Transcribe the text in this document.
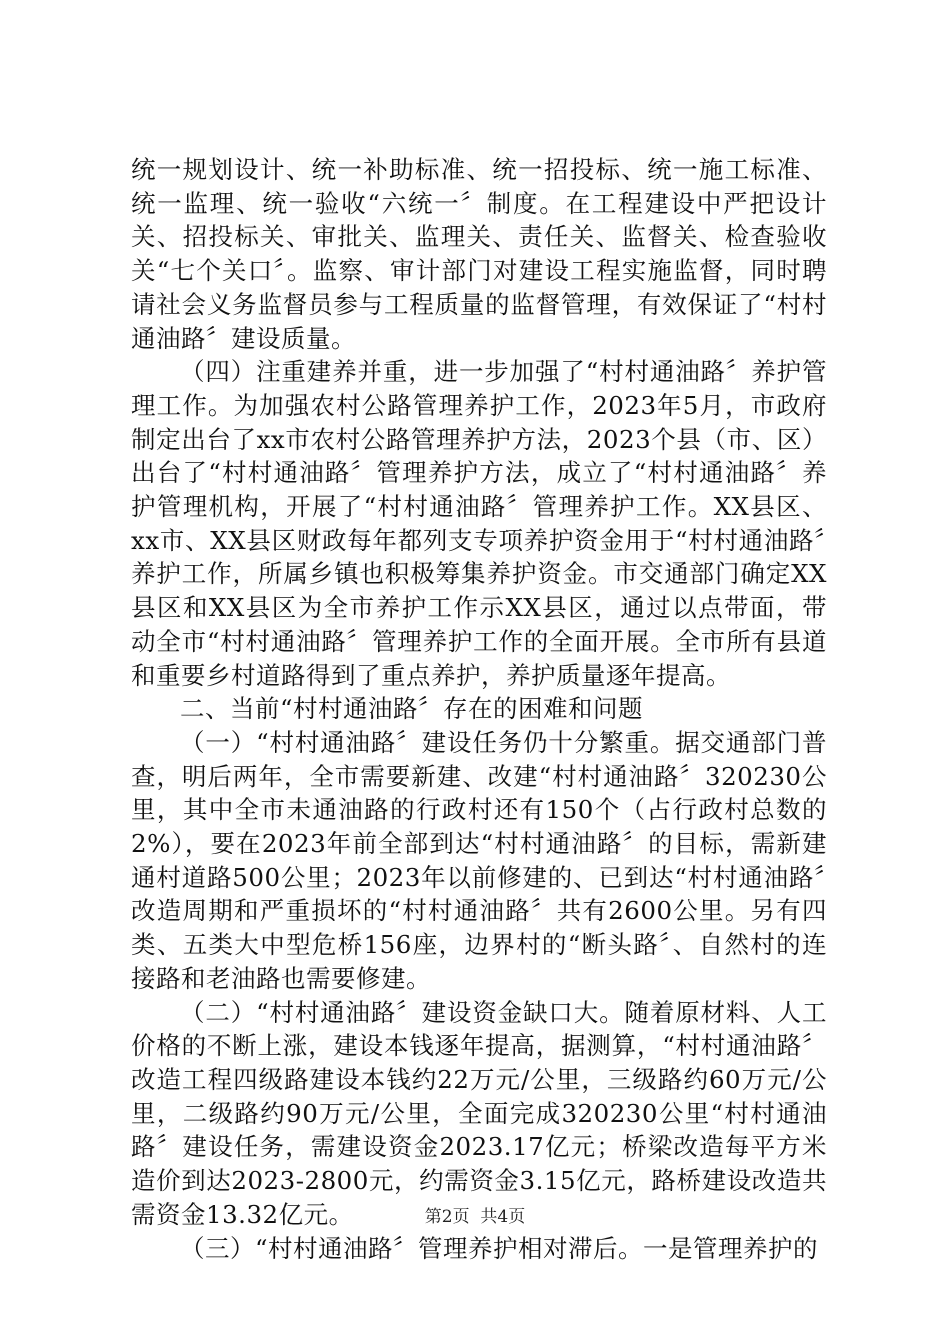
统一规划设计、统一补助标准、统一招投标、统一施工标准、统一监理、统一验收“六统一〞制度。在工程建设中严把设计关、招投标关、审批关、监理关、责任关、监督关、检查验收关“七个关口〞。监察、审计部门对建设工程实施监督，同时聘请社会义务监督员参与工程质量的监督管理，有效保证了“村村通油路〞建设质量。

（四）注重建养并重，进一步加强了“村村通油路〞养护管理工作。为加强农村公路管理养护工作，2023年5月，市政府制定出台了xx市农村公路管理养护方法，2023个县（市、区）出台了“村村通油路〞管理养护方法，成立了“村村通油路〞养护管理机构，开展了“村村通油路〞管理养护工作。XX县区、xx市、XX县区财政每年都列支专项养护资金用于“村村通油路〞养护工作，所属乡镇也积极筹集养护资金。市交通部门确定XX县区和XX县区为全市养护工作示XX县区，通过以点带面，带动全市“村村通油路〞管理养护工作的全面开展。全市所有县道和重要乡村道路得到了重点养护，养护质量逐年提高。

二、当前“村村通油路〞存在的困难和问题

（一）“村村通油路〞建设任务仍十分繁重。据交通部门普查，明后两年，全市需要新建、改建“村村通油路〞320230公里，其中全市未通油路的行政村还有150个（占行政村总数的2%），要在2023年前全部到达“村村通油路〞的目标，需新建通村道路500公里；2023年以前修建的、已到达“村村通油路〞改造周期和严重损坏的“村村通油路〞共有2600公里。另有四类、五类大中型危桥156座，边界村的“断头路〞、自然村的连接路和老油路也需要修建。

（二）“村村通油路〞建设资金缺口大。随着原材料、人工价格的不断上涨，建设本钱逐年提高，据测算，“村村通油路〞改造工程四级路建设本钱约22万元/公里，三级路约60万元/公里，二级路约90万元/公里，全面完成320230公里“村村通油路〞建设任务，需建设资金2023.17亿元；桥梁改造每平方米造价到达2023-2800元，约需资金3.15亿元，路桥建设改造共需资金13.32亿元。

（三）“村村通油路〞管理养护相对滞后。一是管理养护的

第2页  共4页
